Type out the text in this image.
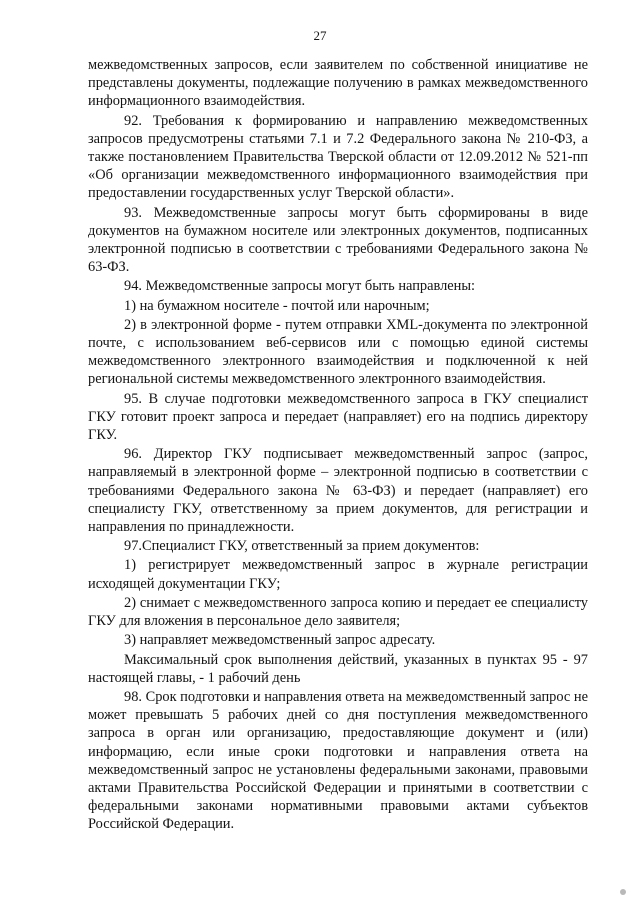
27

межведомственных запросов, если заявителем по собственной инициативе не представлены документы, подлежащие получению в рамках межведомственного информационного взаимодействия.

92. Требования к формированию и направлению межведомственных запросов предусмотрены статьями 7.1 и 7.2 Федерального закона № 210-ФЗ, а также постановлением Правительства Тверской области от 12.09.2012 № 521-пп «Об организации межведомственного информационного взаимодействия при предоставлении государственных услуг Тверской области».

93. Межведомственные запросы могут быть сформированы в виде документов на бумажном носителе или электронных документов, подписанных электронной подписью в соответствии с требованиями Федерального закона № 63-ФЗ.

94. Межведомственные запросы могут быть направлены:

1) на бумажном носителе - почтой или нарочным;

2) в электронной форме - путем отправки XML-документа по электронной почте, с использованием веб-сервисов или с помощью единой системы межведомственного электронного взаимодействия и подключенной к ней региональной системы межведомственного электронного взаимодействия.

95. В случае подготовки межведомственного запроса в ГКУ специалист ГКУ готовит проект запроса и передает (направляет) его на подпись директору ГКУ.

96. Директор ГКУ подписывает межведомственный запрос (запрос, направляемый в электронной форме – электронной подписью в соответствии с требованиями Федерального закона № 63-ФЗ) и передает (направляет) его специалисту ГКУ, ответственному за прием документов, для регистрации и направления по принадлежности.

97.Специалист ГКУ, ответственный за прием документов:

1) регистрирует межведомственный запрос в журнале регистрации исходящей документации ГКУ;

2) снимает с межведомственного запроса копию и передает ее специалисту ГКУ для вложения в персональное дело заявителя;

3) направляет межведомственный запрос адресату.

Максимальный срок выполнения действий, указанных в пунктах 95 - 97 настоящей главы, - 1 рабочий день

98. Срок подготовки и направления ответа на межведомственный запрос не может превышать 5 рабочих дней со дня поступления межведомственного запроса в орган или организацию, предоставляющие документ и (или) информацию, если иные сроки подготовки и направления ответа на межведомственный запрос не установлены федеральными законами, правовыми актами Правительства Российской Федерации и принятыми в соответствии с федеральными законами нормативными правовыми актами субъектов Российской Федерации.
